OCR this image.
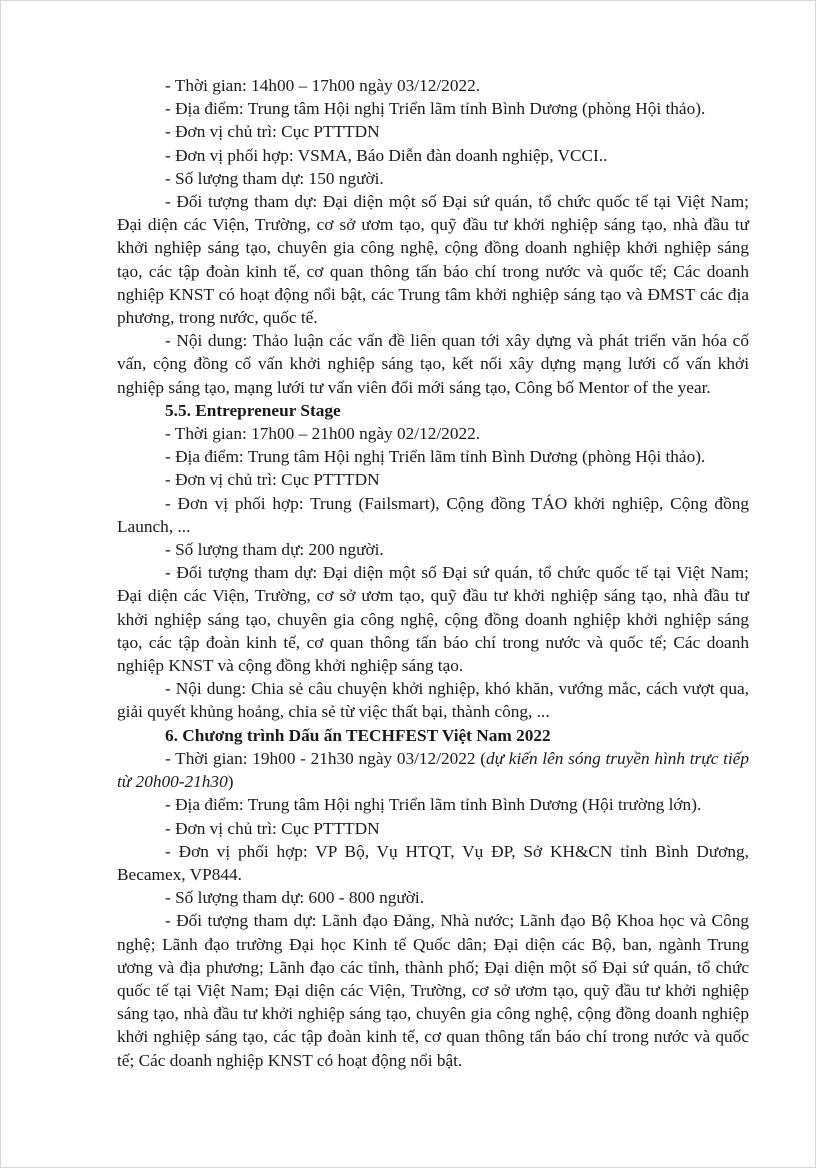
- Thời gian: 14h00 – 17h00 ngày 03/12/2022.

- Địa điểm: Trung tâm Hội nghị Triển lãm tỉnh Bình Dương (phòng Hội thảo).

- Đơn vị chủ trì: Cục PTTTDN

- Đơn vị phối hợp: VSMA, Báo Diễn đàn doanh nghiệp, VCCI..

- Số lượng tham dự: 150 người.

- Đối tượng tham dự: Đại diện một số Đại sứ quán, tổ chức quốc tế tại Việt Nam; Đại diện các Viện, Trường, cơ sở ươm tạo, quỹ đầu tư khởi nghiệp sáng tạo, nhà đầu tư khởi nghiệp sáng tạo, chuyên gia công nghệ, cộng đồng doanh nghiệp khởi nghiệp sáng tạo, các tập đoàn kinh tế, cơ quan thông tấn báo chí trong nước và quốc tế; Các doanh nghiệp KNST có hoạt động nổi bật, các Trung tâm khởi nghiệp sáng tạo và ĐMST các địa phương, trong nước, quốc tế.

- Nội dung: Thảo luận các vấn đề liên quan tới xây dựng và phát triển văn hóa cố vấn, cộng đồng cố vấn khởi nghiệp sáng tạo, kết nối xây dựng mạng lưới cố vấn khởi nghiệp sáng tạo, mạng lưới tư vấn viên đổi mới sáng tạo, Công bố Mentor of the year.

5.5. Entrepreneur Stage

- Thời gian: 17h00 – 21h00 ngày 02/12/2022.

- Địa điểm: Trung tâm Hội nghị Triển lãm tỉnh Bình Dương (phòng Hội thảo).

- Đơn vị chủ trì: Cục PTTTDN

- Đơn vị phối hợp: Trung (Failsmart), Cộng đồng TÁO khởi nghiệp, Cộng đồng Launch, ...

- Số lượng tham dự: 200 người.

- Đối tượng tham dự: Đại diện một số Đại sứ quán, tổ chức quốc tế tại Việt Nam; Đại diện các Viện, Trường, cơ sở ươm tạo, quỹ đầu tư khởi nghiệp sáng tạo, nhà đầu tư khởi nghiệp sáng tạo, chuyên gia công nghệ, cộng đồng doanh nghiệp khởi nghiệp sáng tạo, các tập đoàn kinh tế, cơ quan thông tấn báo chí trong nước và quốc tế; Các doanh nghiệp KNST và cộng đồng khởi nghiệp sáng tạo.

- Nội dung: Chia sẻ câu chuyện khởi nghiệp, khó khăn, vướng mắc, cách vượt qua, giải quyết khủng hoảng, chia sẻ từ việc thất bại, thành công, ...

6. Chương trình Dấu ấn TECHFEST Việt Nam 2022

- Thời gian: 19h00 - 21h30 ngày 03/12/2022 (dự kiến lên sóng truyền hình trực tiếp từ 20h00-21h30)

- Địa điểm: Trung tâm Hội nghị Triển lãm tỉnh Bình Dương (Hội trường lớn).

- Đơn vị chủ trì: Cục PTTTDN

- Đơn vị phối hợp: VP Bộ, Vụ HTQT, Vụ ĐP, Sở KH&CN tỉnh Bình Dương, Becamex, VP844.

- Số lượng tham dự: 600 - 800 người.

- Đối tượng tham dự: Lãnh đạo Đảng, Nhà nước; Lãnh đạo Bộ Khoa học và Công nghệ; Lãnh đạo trường Đại học Kinh tế Quốc dân; Đại diện các Bộ, ban, ngành Trung ương và địa phương; Lãnh đạo các tỉnh, thành phố; Đại diện một số Đại sứ quán, tổ chức quốc tế tại Việt Nam; Đại diện các Viện, Trường, cơ sở ươm tạo, quỹ đầu tư khởi nghiệp sáng tạo, nhà đầu tư khởi nghiệp sáng tạo, chuyên gia công nghệ, cộng đồng doanh nghiệp khởi nghiệp sáng tạo, các tập đoàn kinh tế, cơ quan thông tấn báo chí trong nước và quốc tế; Các doanh nghiệp KNST có hoạt động nổi bật.
